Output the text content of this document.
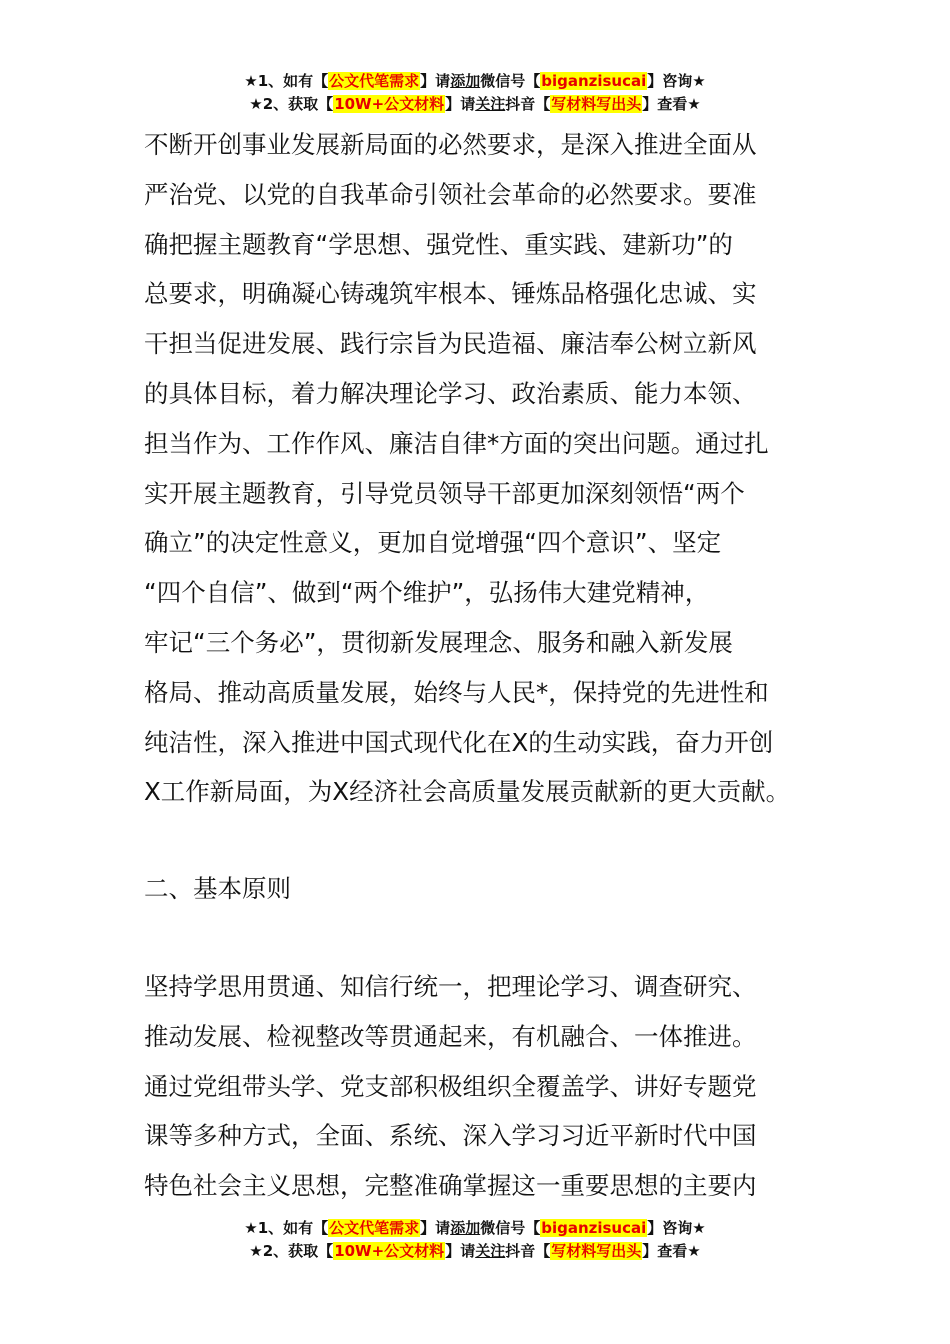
★1、如有【公文代笔需求】请添加微信号【biganzisucai】咨询★
★2、获取【10W+公文材料】请关注抖音【写材料写出头】查看★

不断开创事业发展新局面的必然要求，是深入推进全面从
严治党、以党的自我革命引领社会革命的必然要求。要准
确把握主题教育“学思想、强党性、重实践、建新功”的
总要求，明确凝心铸魂筑牢根本、锤炼品格强化忠诚、实
干担当促进发展、践行宗旨为民造福、廉洁奉公树立新风
的具体目标，着力解决理论学习、政治素质、能力本领、
担当作为、工作作风、廉洁自律*方面的突出问题。通过扎
实开展主题教育，引导党员领导干部更加深刻领悟“两个
确立”的决定性意义，更加自觉增强“四个意识”、坚定
“四个自信”、做到“两个维护”，弘扬伟大建党精神，
牢记“三个务必”，贯彻新发展理念、服务和融入新发展
格局、推动高质量发展，始终与人民*，保持党的先进性和
纯洁性，深入推进中国式现代化在X的生动实践，奋力开创
X工作新局面，为X经济社会高质量发展贡献新的更大贡献。

二、基本原则

坚持学思用贯通、知信行统一，把理论学习、调查研究、
推动发展、检视整改等贯通起来，有机融合、一体推进。
通过党组带头学、党支部积极组织全覆盖学、讲好专题党
课等多种方式，全面、系统、深入学习习近平新时代中国
特色社会主义思想，完整准确掌握这一重要思想的主要内

★1、如有【公文代笔需求】请添加微信号【biganzisucai】咨询★
★2、获取【10W+公文材料】请关注抖音【写材料写出头】查看★
